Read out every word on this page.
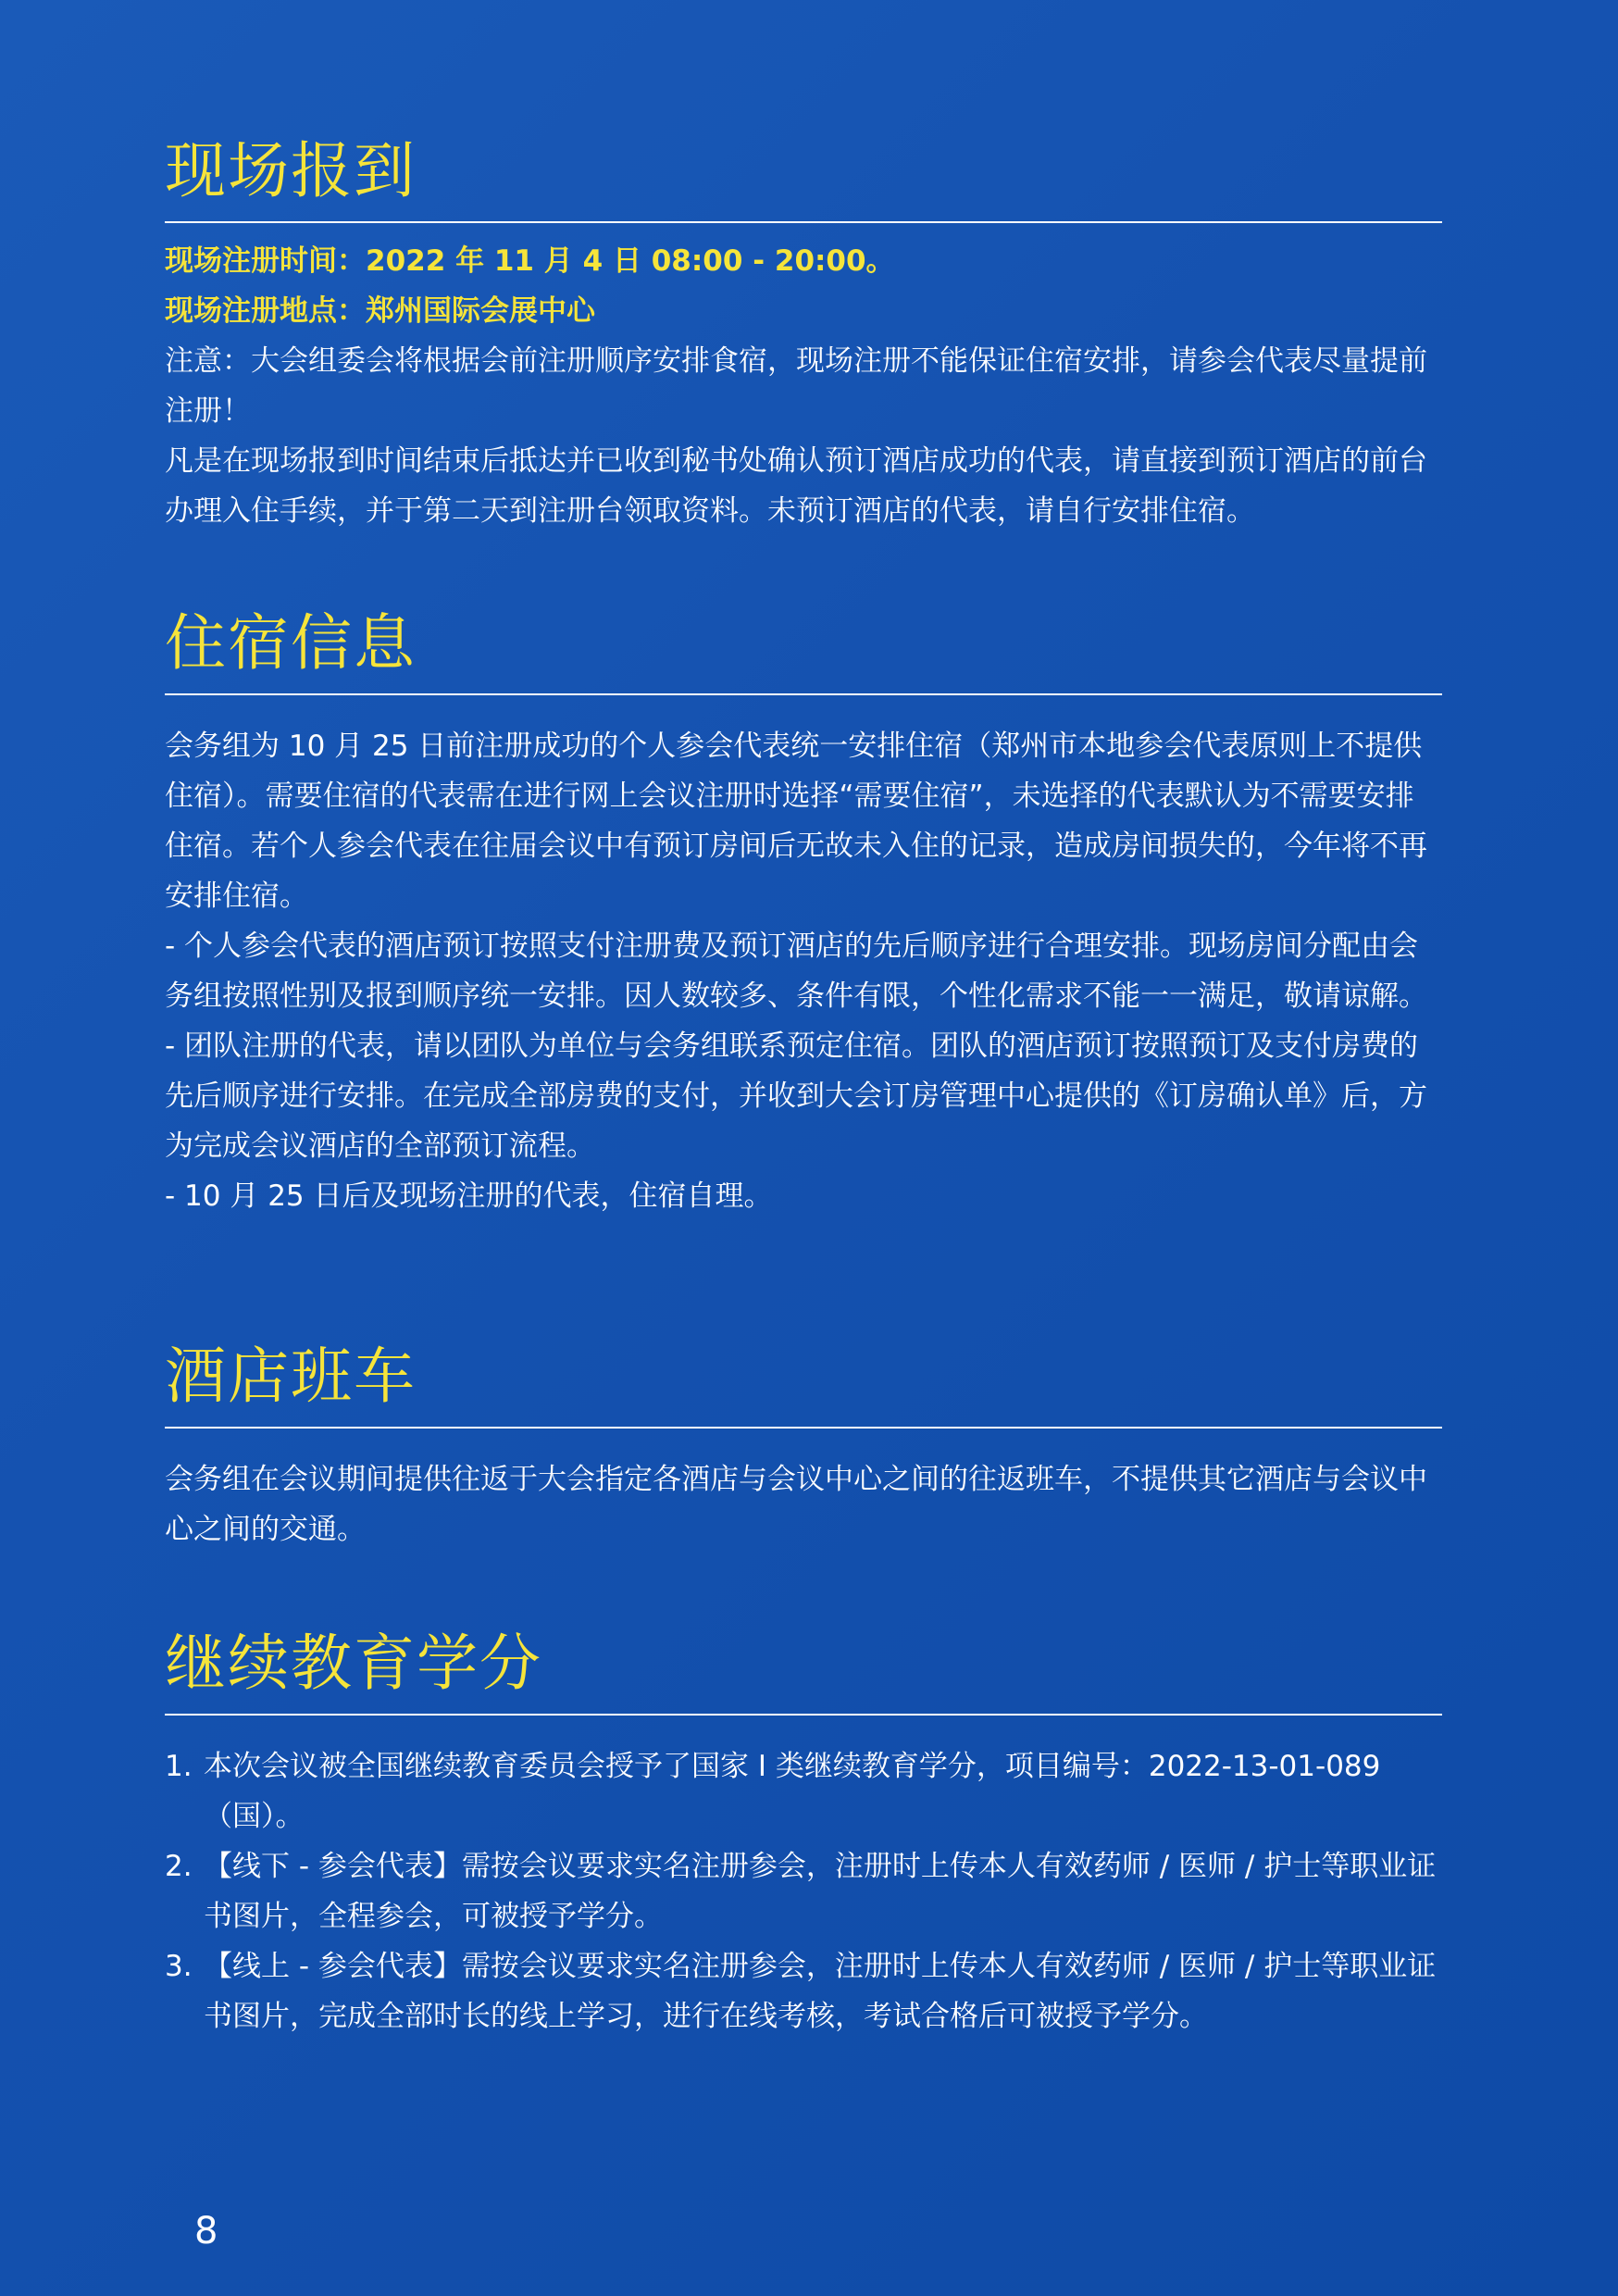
现场报到

现场注册时间：2022 年 11 月 4 日 08:00 - 20:00。

现场注册地点：郑州国际会展中心

注意：大会组委会将根据会前注册顺序安排食宿，现场注册不能保证住宿安排，请参会代表尽量提前注册！

凡是在现场报到时间结束后抵达并已收到秘书处确认预订酒店成功的代表，请直接到预订酒店的前台办理入住手续，并于第二天到注册台领取资料。未预订酒店的代表，请自行安排住宿。

住宿信息

会务组为 10 月 25 日前注册成功的个人参会代表统一安排住宿（郑州市本地参会代表原则上不提供住宿）。需要住宿的代表需在进行网上会议注册时选择“需要住宿”，未选择的代表默认为不需要安排住宿。若个人参会代表在往届会议中有预订房间后无故未入住的记录，造成房间损失的，今年将不再安排住宿。

- 个人参会代表的酒店预订按照支付注册费及预订酒店的先后顺序进行合理安排。现场房间分配由会务组按照性别及报到顺序统一安排。因人数较多、条件有限，个性化需求不能一一满足，敬请谅解。

- 团队注册的代表，请以团队为单位与会务组联系预定住宿。团队的酒店预订按照预订及支付房费的先后顺序进行安排。在完成全部房费的支付，并收到大会订房管理中心提供的《订房确认单》后，方为完成会议酒店的全部预订流程。

- 10 月 25 日后及现场注册的代表，住宿自理。

酒店班车

会务组在会议期间提供往返于大会指定各酒店与会议中心之间的往返班车，不提供其它酒店与会议中心之间的交通。

继续教育学分
1. 本次会议被全国继续教育委员会授予了国家 I 类继续教育学分，项目编号：2022-13-01-089（国）。
2. 【线下 - 参会代表】需按会议要求实名注册参会，注册时上传本人有效药师 / 医师 / 护士等职业证书图片，全程参会，可被授予学分。
3. 【线上 - 参会代表】需按会议要求实名注册参会，注册时上传本人有效药师 / 医师 / 护士等职业证书图片，完成全部时长的线上学习，进行在线考核，考试合格后可被授予学分。
8
